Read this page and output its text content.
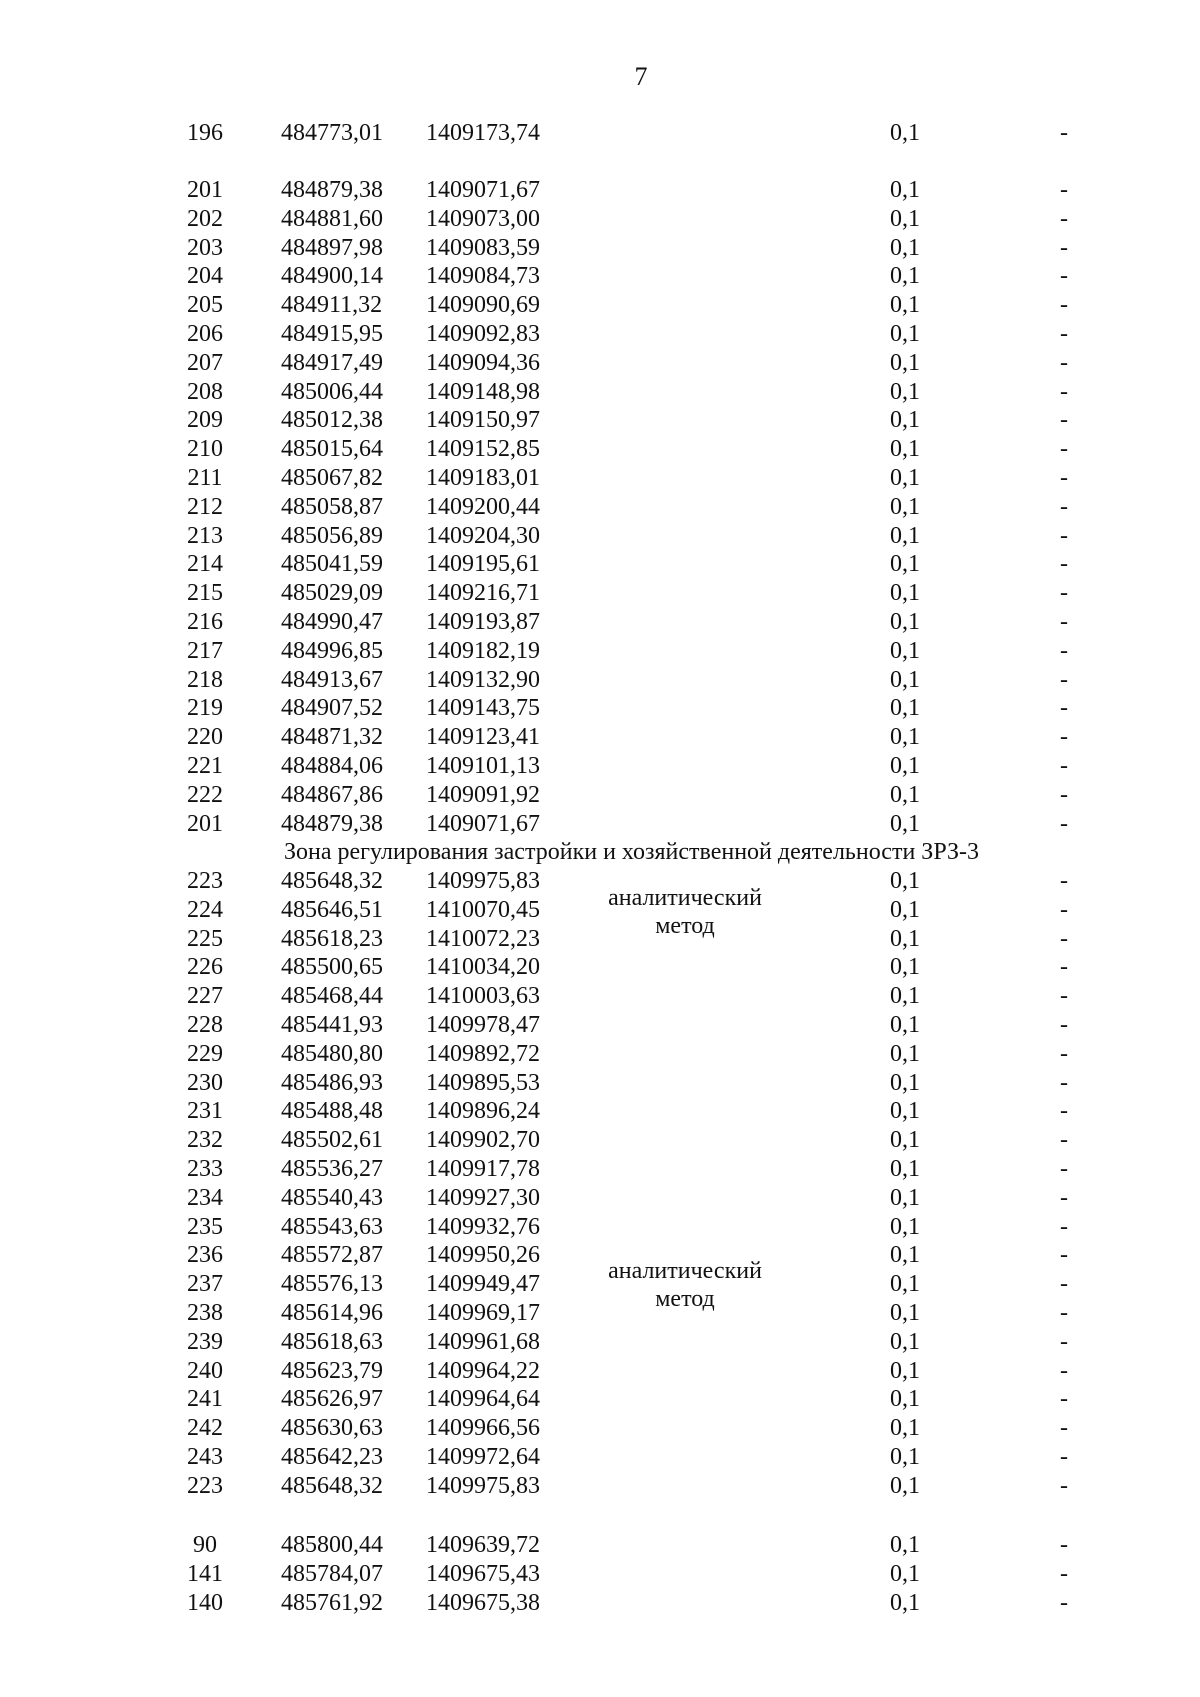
7
196	484773,01 1409173,74	0,1	-
201	484879,38 1409071,67	0,1	-
202	484881,60 1409073,00	0,1	-
203	484897,98 1409083,59	0,1	-
204	484900,14 1409084,73	0,1	-
205	484911,32 1409090,69	0,1	-
206	484915,95 1409092,83	0,1	-
207	484917,49 1409094,36	0,1	-
208	485006,44 1409148,98	0,1	-
209	485012,38 1409150,97	0,1	-
210	485015,64 1409152,85	0,1	-
211	485067,82 1409183,01	0,1	-
212	485058,87 1409200,44	0,1	-
213	485056,89 1409204,30	0,1	-
214	485041,59 1409195,61	0,1	-
215	485029,09 1409216,71	0,1	-
216	484990,47 1409193,87	0,1	-
217	484996,85 1409182,19	0,1	-
218	484913,67 1409132,90	0,1	-
219	484907,52 1409143,75	0,1	-
220	484871,32 1409123,41	0,1	-
221	484884,06 1409101,13	0,1	-
222	484867,86 1409091,92	0,1	-
201	484879,38 1409071,67	0,1	-
223	485648,32 1409975,83	0,1	-
224	485646,51 1410070,45	0,1	-
225	485618,23 1410072,23	0,1	-
226	485500,65 1410034,20	0,1	-
227	485468,44 1410003,63	0,1	-
228	485441,93 1409978,47	0,1	-
229	485480,80 1409892,72	0,1	-
230	485486,93 1409895,53	0,1	-
231	485488,48 1409896,24	0,1	-
232	485502,61 1409902,70	0,1	-
233	485536,27 1409917,78	0,1	-
234	485540,43 1409927,30	0,1	-
235	485543,63 1409932,76	0,1	-
236	485572,87 1409950,26	0,1	-
237	485576,13 1409949,47	0,1	-
238	485614,96 1409969,17	0,1	-
239	485618,63 1409961,68	0,1	-
240	485623,79 1409964,22	0,1	-
241	485626,97 1409964,64	0,1	-
242	485630,63 1409966,56	0,1	-
243	485642,23 1409972,64	0,1	-
223	485648,32 1409975,83	0,1	-
90	485800,44 1409639,72	0,1	-
141	485784,07 1409675,43	0,1	-
140	485761,92 1409675,38	0,1	-
Зона регулирования застройки и хозяйственной деятельности ЗРЗ-3
аналитический
метод
аналитический
метод
